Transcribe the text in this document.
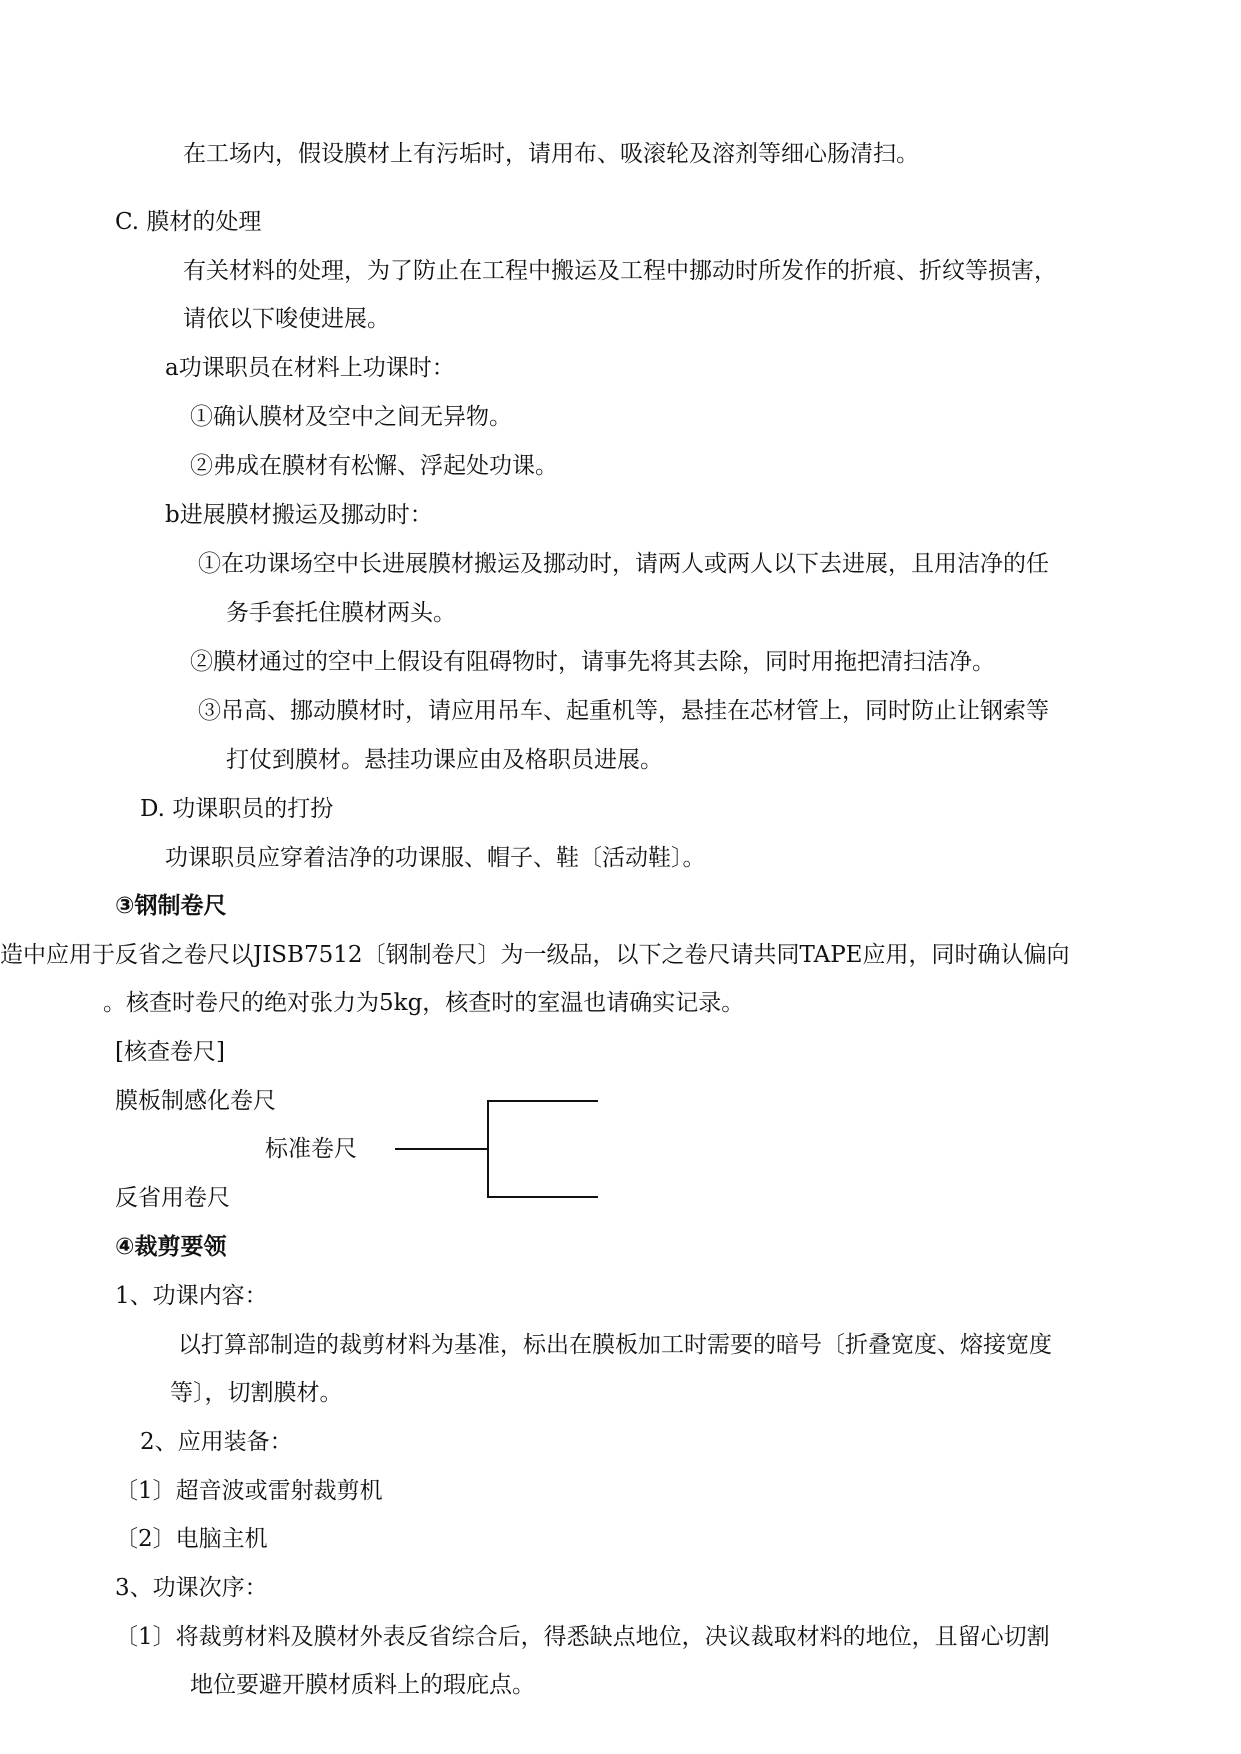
在工场内，假设膜材上有污垢时，请用布、吸滚轮及溶剂等细心肠清扫。
C. 膜材的处理
有关材料的处理，为了防止在工程中搬运及工程中挪动时所发作的折痕、折纹等损害，
请依以下唆使进展。
a功课职员在材料上功课时：
①确认膜材及空中之间无异物。
②弗成在膜材有松懈、浮起处功课。
b进展膜材搬运及挪动时：
①在功课场空中长进展膜材搬运及挪动时，请两人或两人以下去进展，且用洁净的任
务手套托住膜材两头。
②膜材通过的空中上假设有阻碍物时，请事先将其去除，同时用拖把清扫洁净。
③吊高、挪动膜材时，请应用吊车、起重机等，悬挂在芯材管上，同时防止让钢索等
打仗到膜材。悬挂功课应由及格职员进展。
D. 功课职员的打扮
功课职员应穿着洁净的功课服、帽子、鞋〔活动鞋〕。
③钢制卷尺
造中应用于反省之卷尺以JISB7512〔钢制卷尺〕为一级品，以下之卷尺请共同TAPE应用，同时确认偏向
。核查时卷尺的绝对张力为5kg，核查时的室温也请确实记录。
[核查卷尺]
膜板制感化卷尺
标准卷尺
反省用卷尺
④裁剪要领
1、功课内容：
以打算部制造的裁剪材料为基准，标出在膜板加工时需要的暗号〔折叠宽度、熔接宽度
等〕，切割膜材。
2、应用装备：
〔1〕超音波或雷射裁剪机
〔2〕电脑主机
3、功课次序：
〔1〕将裁剪材料及膜材外表反省综合后，得悉缺点地位，决议裁取材料的地位，且留心切割
地位要避开膜材质料上的瑕庇点。
